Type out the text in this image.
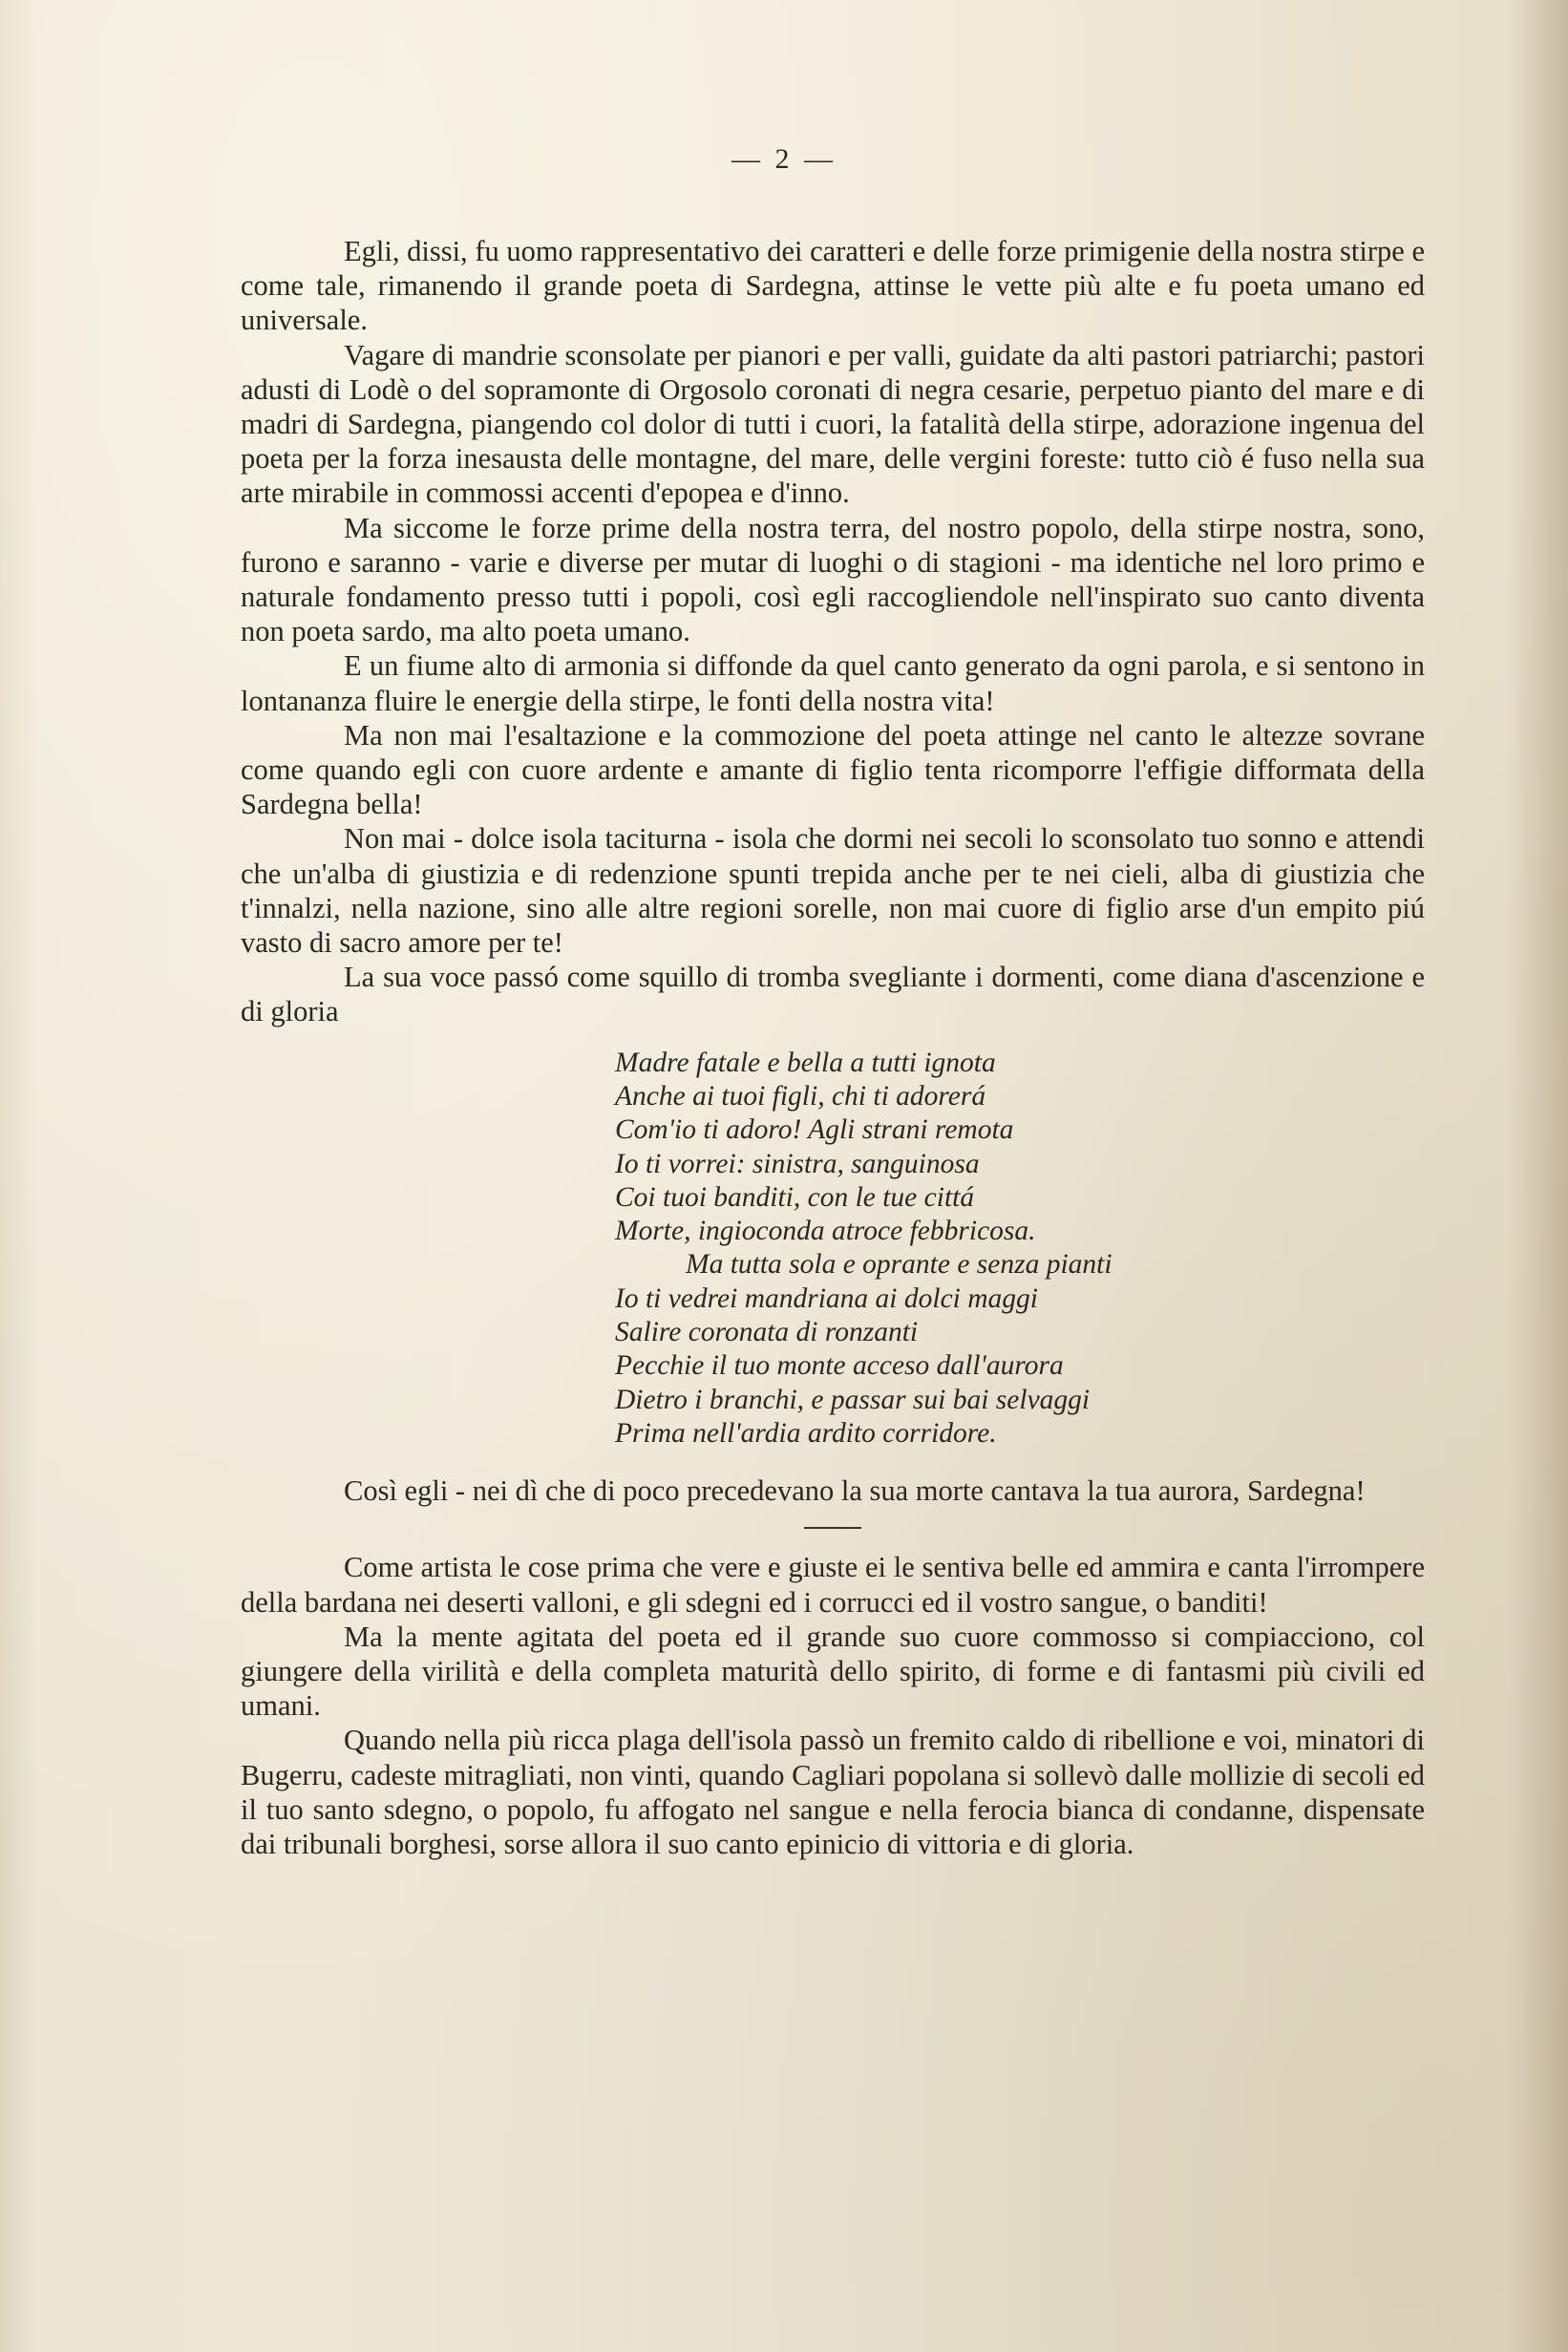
— 2 —

Egli, dissi, fu uomo rappresentativo dei caratteri e delle forze primigenie della nostra stirpe e come tale, rimanendo il grande poeta di Sardegna, attinse le vette più alte e fu poeta umano ed universale.

Vagare di mandrie sconsolate per pianori e per valli, guidate da alti pastori patriarchi; pastori adusti di Lodè o del sopramonte di Orgosolo coronati di negra cesarie, perpetuo pianto del mare e di madri di Sardegna, piangendo col dolor di tutti i cuori, la fatalità della stirpe, adorazione ingenua del poeta per la forza inesausta delle montagne, del mare, delle vergini foreste: tutto ciò é fuso nella sua arte mirabile in commossi accenti d'epopea e d'inno.

Ma siccome le forze prime della nostra terra, del nostro popolo, della stirpe nostra, sono, furono e saranno - varie e diverse per mutar di luoghi o di stagioni - ma identiche nel loro primo e naturale fondamento presso tutti i popoli, così egli raccogliendole nell'inspirato suo canto diventa non poeta sardo, ma alto poeta umano.

E un fiume alto di armonia si diffonde da quel canto generato da ogni parola, e si sentono in lontananza fluire le energie della stirpe, le fonti della nostra vita!

Ma non mai l'esaltazione e la commozione del poeta attinge nel canto le altezze sovrane come quando egli con cuore ardente e amante di figlio tenta ricomporre l'effigie difformata della Sardegna bella!

Non mai - dolce isola taciturna - isola che dormi nei secoli lo sconsolato tuo sonno e attendi che un'alba di giustizia e di redenzione spunti trepida anche per te nei cieli, alba di giustizia che t'innalzi, nella nazione, sino alle altre regioni sorelle, non mai cuore di figlio arse d'un empito piú vasto di sacro amore per te!

La sua voce passó come squillo di tromba svegliante i dormenti, come diana d'ascenzione e di gloria

Madre fatale e bella a tutti ignota
Anche ai tuoi figli, chi ti adorerá
Com'io ti adoro! Agli strani remota
Io ti vorrei: sinistra, sanguinosa
Coi tuoi banditi, con le tue cittá
Morte, ingioconda atroce febbricosa.
Ma tutta sola e oprante e senza pianti
Io ti vedrei mandriana ai dolci maggi
Salire coronata di ronzanti
Pecchie il tuo monte acceso dall'aurora
Dietro i branchi, e passar sui bai selvaggi
Prima nell'ardia ardito corridore.

Così egli - nei dì che di poco precedevano la sua morte cantava la tua aurora, Sardegna!

Come artista le cose prima che vere e giuste ei le sentiva belle ed ammira e canta l'irrompere della bardana nei deserti valloni, e gli sdegni ed i corrucci ed il vostro sangue, o banditi!

Ma la mente agitata del poeta ed il grande suo cuore commosso si compiacciono, col giungere della virilità e della completa maturità dello spirito, di forme e di fantasmi più civili ed umani.

Quando nella più ricca plaga dell'isola passò un fremito caldo di ribellione e voi, minatori di Bugerru, cadeste mitragliati, non vinti, quando Cagliari popolana si sollevò dalle mollizie di secoli ed il tuo santo sdegno, o popolo, fu affogato nel sangue e nella ferocia bianca di condanne, dispensate dai tribunali borghesi, sorse allora il suo canto epinicio di vittoria e di gloria.
